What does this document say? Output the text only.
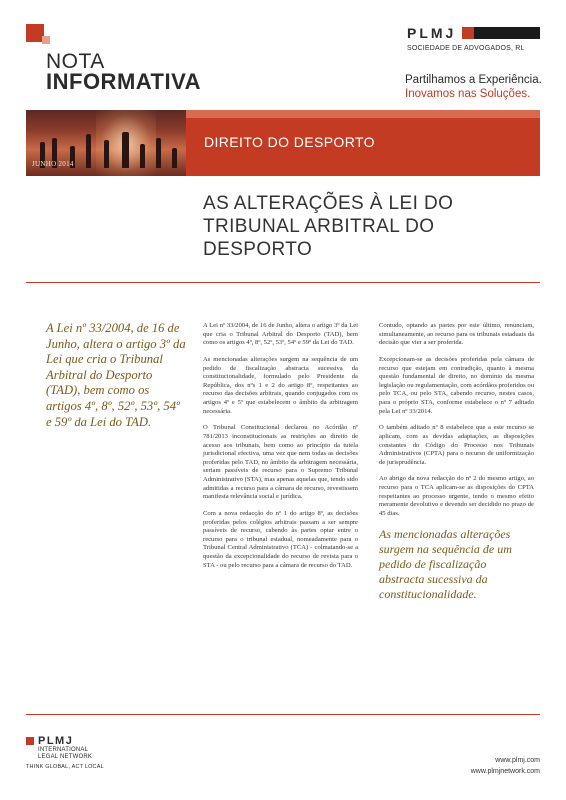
NOTA
INFORMATIVA
PLMJ
SOCIEDADE DE ADVOGADOS, RL
Partilhamos a Experiência.
Inovamos nas Soluções.
JUNHO 2014
DIREITO DO DESPORTO
AS ALTERAÇÕES À LEI DO TRIBUNAL ARBITRAL DO DESPORTO
A Lei nº 33/2004, de 16 de Junho, altera o artigo 3º da Lei que cria o Tribunal Arbitral do Desporto (TAD), bem como os artigos 4º, 8º, 52º, 53º, 54º e 59º da Lei do TAD.

A Lei nº 33/2004, de 16 de Junho, altera o artigo 3º da Lei que cria o Tribunal Arbitral do Desporto (TAD), bem como os artigos 4º, 8º, 52º, 53º, 54º e 59º da Lei do TAD.

As mencionadas alterações surgem na sequência de um pedido de fiscalização abstracta sucessiva da constitucionalidade, formulado pelo Presidente da República, dos nºs 1 e 2 do artigo 8º, respeitantes ao recurso das decisões arbitrais, quando conjugados com os artigos 4º e 5º que estabelecem o âmbito da arbitragem necessária.

O Tribunal Constitucional declarou no Acórdão nº 781/2013 inconstitucionais as restrições ao direito de acesso aos tribunais, bem como ao princípio da tutela jurisdicional efectiva, uma vez que nem todas as decisões proferidas pelo TAD, no âmbito da arbitragem necessária, seriam passíveis de recurso para o Supremo Tribunal Administrativo (STA), mas apenas aquelas que, tendo sido admitidas a recurso para a câmara de recurso, revestissem manifesta relevância social e jurídica.

Com a nova redacção do nº 1 do artigo 8º, as decisões proferidas pelos colégios arbitrais passam a ser sempre passíveis de recurso, cabendo às partes optar entre o recurso para o tribunal estadual, nomeadamente para o Tribunal Central Administrativo (TCA) - colmatando-se a questão da excepcionalidade do recurso de revista para o STA - ou pelo recurso para a câmara de recurso do TAD.

Contudo, optando as partes por este último, renunciam, simultaneamente, ao recurso para os tribunais estaduais da decisão que vier a ser proferida.

Excepcionam-se as decisões proferidas pela câmara de recurso que estejam em contradição, quanto à mesma questão fundamental de direito, no domínio da mesma legislação ou regulamentação, com acórdãos proferidos ou pelo TCA, ou pelo STA, cabendo recurso, nestes casos, para o próprio STA, conforme estabelece o nº 7 aditado pela Lei nº 33/2014.

O também aditado nº 8 estabelece que a este recurso se aplicam, com as devidas adaptações, as disposições constantes do Código do Processo nos Tribunais Administrativos (CPTA) para o recurso de uniformização de jurisprudência.

Ao abrigo da nova redacção do nº 2 do mesmo artigo, ao recurso para o TCA aplicam-se as disposições do CPTA respeitantes ao processo urgente, tendo o mesmo efeito meramente devolutivo e devendo ser decidido no prazo de 45 dias.

As mencionadas alterações surgem na sequência de um pedido de fiscalização abstracta sucessiva da constitucionalidade.
PLMJ
INTERNATIONAL
LEGAL NETWORK
THINK GLOBAL, ACT LOCAL
www.plmj.com
www.plmjnetwork.com
